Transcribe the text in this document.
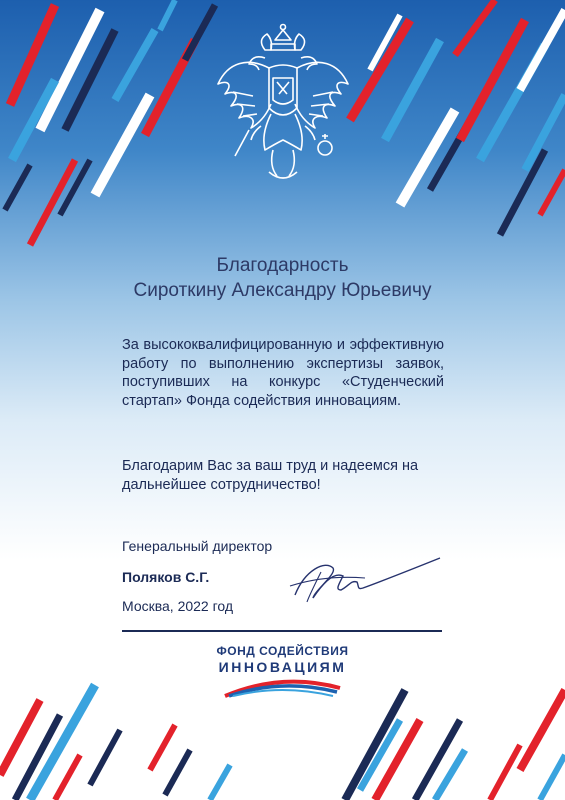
Благодарность
Сироткину Александру Юрьевичу
За высококвалифицированную и эффективную работу по выполнению экспертизы заявок, поступивших на конкурс «Студенческий стартап» Фонда содействия инновациям.
Благодарим Вас за ваш труд и надеемся на дальнейшее сотрудничество!
Генеральный директор
Поляков С.Г.
Москва, 2022 год
ФОНД СОДЕЙСТВИЯ
ИННОВАЦИЯМ
